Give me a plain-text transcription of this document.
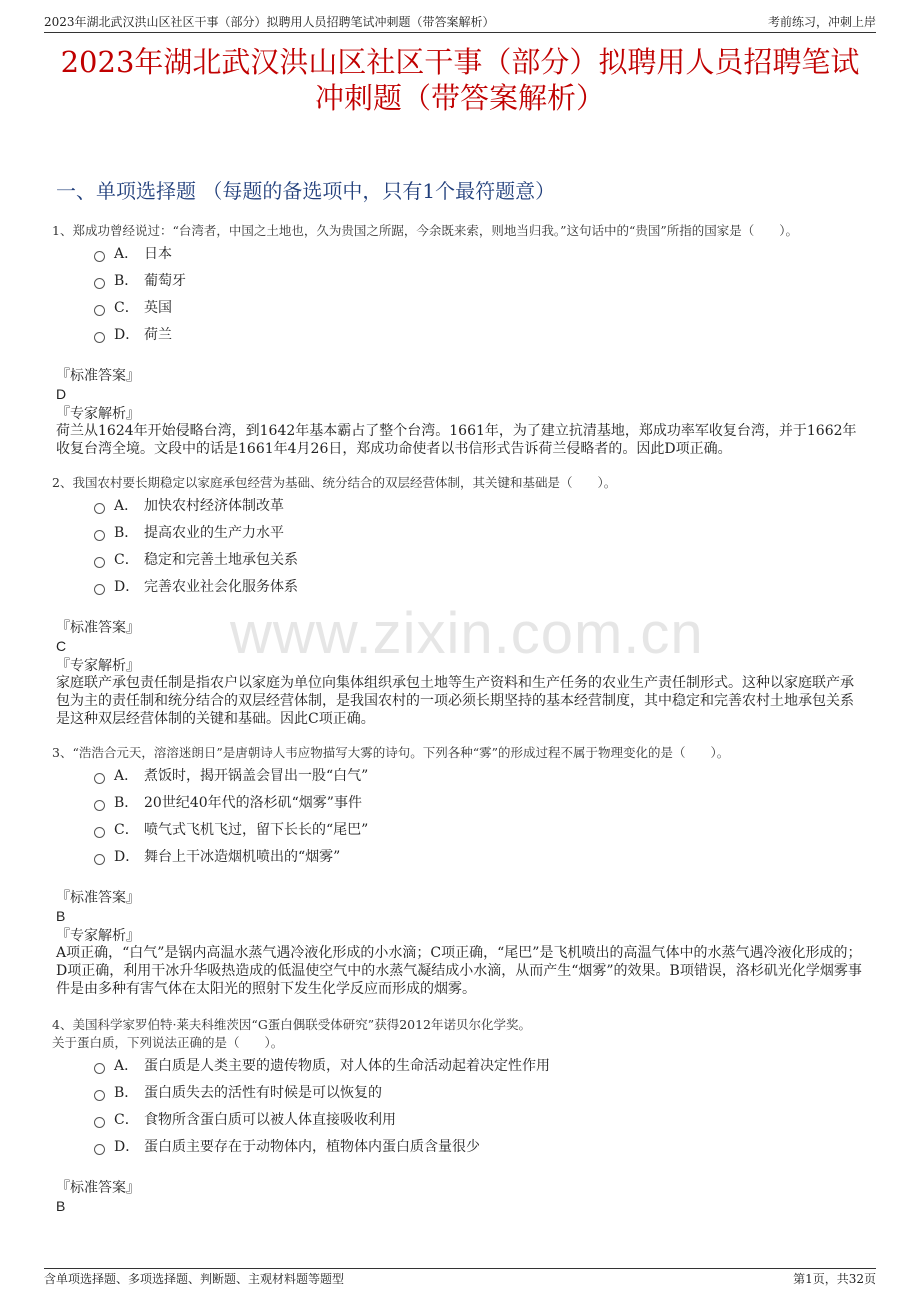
2023年湖北武汉洪山区社区干事（部分）拟聘用人员招聘笔试冲刺题（带答案解析）	考前练习，冲刺上岸
2023年湖北武汉洪山区社区干事（部分）拟聘用人员招聘笔试
冲刺题（带答案解析）
一、单项选择题 （每题的备选项中，只有1个最符题意）
www.zixin.com.cn
1、郑成功曾经说过：“台湾者，中国之土地也，久为贵国之所踞，今余既来索，则地当归我。”这句话中的“贵国”所指的国家是（　　）。
A． 日本
B． 葡萄牙
C． 英国
D． 荷兰
『标准答案』
D
『专家解析』
荷兰从1624年开始侵略台湾，到1642年基本霸占了整个台湾。1661年，为了建立抗清基地，郑成功率军收复台湾，并于1662年收复台湾全境。文段中的话是1661年4月26日，郑成功命使者以书信形式告诉荷兰侵略者的。因此D项正确。
2、我国农村要长期稳定以家庭承包经营为基础、统分结合的双层经营体制，其关键和基础是（　　）。
A． 加快农村经济体制改革
B． 提高农业的生产力水平
C． 稳定和完善土地承包关系
D． 完善农业社会化服务体系
『标准答案』
C
『专家解析』
家庭联产承包责任制是指农户以家庭为单位向集体组织承包土地等生产资料和生产任务的农业生产责任制形式。这种以家庭联产承包为主的责任制和统分结合的双层经营体制，是我国农村的一项必须长期坚持的基本经营制度，其中稳定和完善农村土地承包关系是这种双层经营体制的关键和基础。因此C项正确。
3、“浩浩合元天，溶溶迷朗日”是唐朝诗人韦应物描写大雾的诗句。下列各种“雾”的形成过程不属于物理变化的是（　　）。
A． 煮饭时，揭开锅盖会冒出一股“白气”
B． 20世纪40年代的洛杉矶“烟雾”事件
C． 喷气式飞机飞过，留下长长的“尾巴”
D． 舞台上干冰造烟机喷出的“烟雾”
『标准答案』
B
『专家解析』
A项正确，“白气”是锅内高温水蒸气遇冷液化形成的小水滴；C项正确，“尾巴”是飞机喷出的高温气体中的水蒸气遇冷液化形成的；D项正确，利用干冰升华吸热造成的低温使空气中的水蒸气凝结成小水滴，从而产生“烟雾”的效果。B项错误，洛杉矶光化学烟雾事件是由多种有害气体在太阳光的照射下发生化学反应而形成的烟雾。
4、美国科学家罗伯特·莱夫科维茨因“G蛋白偶联受体研究”获得2012年诺贝尔化学奖。
关于蛋白质，下列说法正确的是（　　）。
A． 蛋白质是人类主要的遗传物质，对人体的生命活动起着决定性作用
B． 蛋白质失去的活性有时候是可以恢复的
C． 食物所含蛋白质可以被人体直接吸收利用
D． 蛋白质主要存在于动物体内，植物体内蛋白质含量很少
『标准答案』
B
含单项选择题、多项选择题、判断题、主观材料题等题型	第1页，共32页
